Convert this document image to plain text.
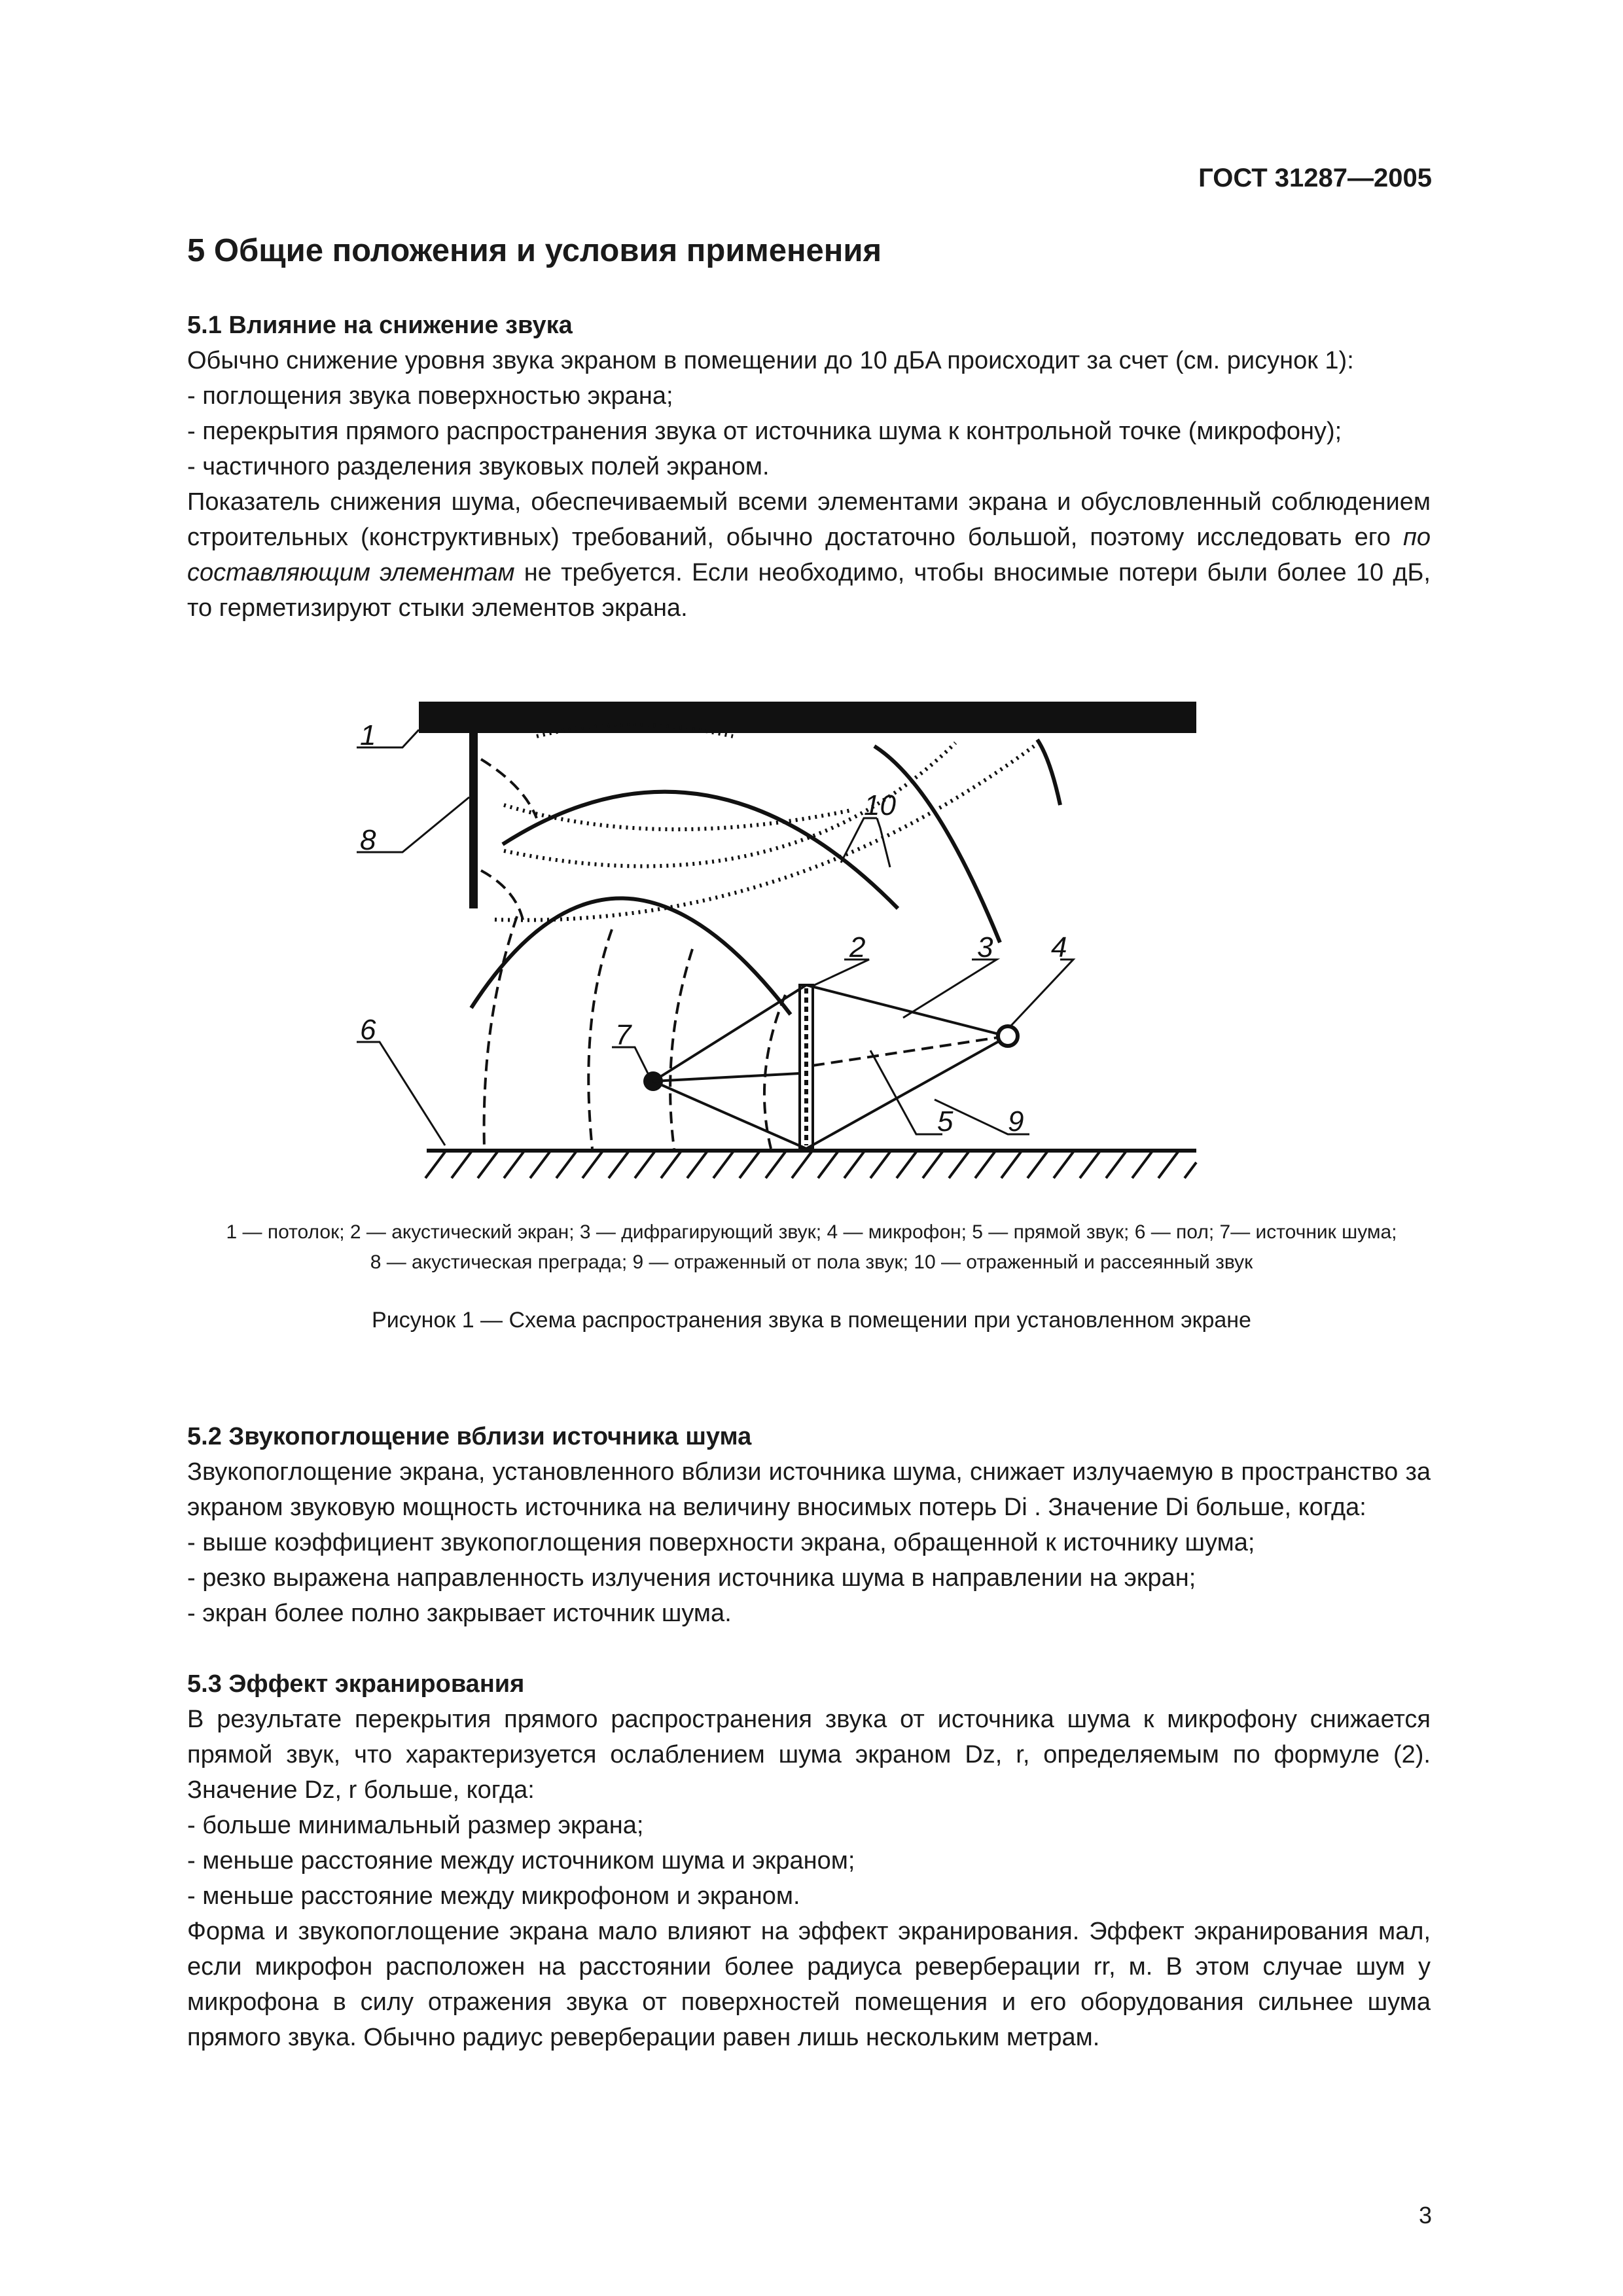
ГОСТ 31287—2005
5 Общие положения и условия применения

5.1 Влияние на снижение звука

Обычно снижение уровня звука экраном в помещении до 10 дБA происходит за счет (см. рисунок 1):

- поглощения звука поверхностью экрана;

- перекрытия прямого распространения звука от источника шума к контрольной точке (микрофону);

- частичного разделения звуковых полей экраном.

Показатель снижения шума, обеспечиваемый всеми элементами экрана и обусловленный соблюдением строительных (конструктивных) требований, обычно достаточно большой, поэтому исследовать его по составляющим элементам не требуется. Если необходимо, чтобы вносимые потери были более 10 дБ, то герметизируют стыки элементов экрана.

1
8
6	7
2	3 4
5 9
10
1 — потолок; 2 — акустический экран; 3 — дифрагирующий звук; 4 — микрофон; 5 — прямой звук; 6 — пол; 7— источник шума;
8 — акустическая преграда; 9 — отраженный от пола звук; 10 — отраженный и рассеянный звук
Рисунок 1 — Схема распространения звука в помещении при установленном экране

5.2 Звукопоглощение вблизи источника шума

Звукопоглощение экрана, установленного вблизи источника шума, снижает излучаемую в пространство за экраном звуковую мощность источника на величину вносимых потерь Di . Значение Di больше, когда:

- выше коэффициент звукопоглощения поверхности экрана, обращенной к источнику шума;

- резко выражена направленность излучения источника шума в направлении на экран;

- экран более полно закрывает источник шума.

5.3 Эффект экранирования

В результате перекрытия прямого распространения звука от источника шума к микрофону снижается прямой звук, что характеризуется ослаблением шума экраном Dz, r, определяемым по формуле (2). Значение Dz, r больше, когда:

- больше минимальный размер экрана;

- меньше расстояние между источником шума и экраном;

- меньше расстояние между микрофоном и экраном.

Форма и звукопоглощение экрана мало влияют на эффект экранирования. Эффект экранирования мал, если микрофон расположен на расстоянии более радиуса реверберации rr, м. В этом случае шум у микрофона в силу отражения звука от поверхностей помещения и его оборудования сильнее шума прямого звука. Обычно радиус реверберации равен лишь нескольким метрам.

3
